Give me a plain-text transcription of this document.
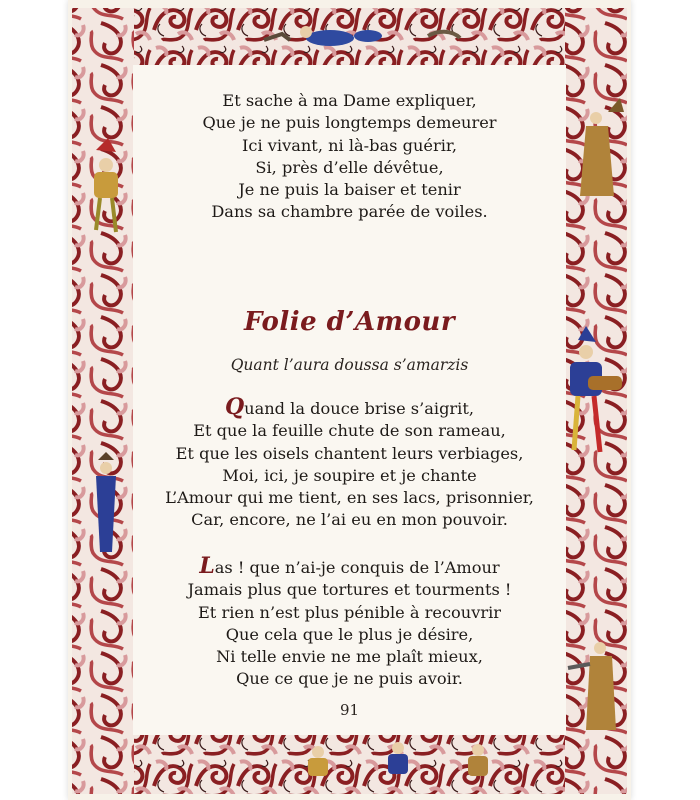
Et sache à ma Dame expliquer,
Que je ne puis longtemps demeurer
Ici vivant, ni là-bas guérir,
Si, près d’elle dévêtue,
Je ne puis la baiser et tenir
Dans sa chambre parée de voiles.
Folie d’Amour
Quant l’aura doussa s’amarzis
Quand la douce brise s’aigrit,
Et que la feuille chute de son rameau,
Et que les oisels chantent leurs verbiages,
Moi, ici, je soupire et je chante
L’Amour qui me tient, en ses lacs, prisonnier,
Car, encore, ne l’ai eu en mon pouvoir.
Las ! que n’ai-je conquis de l’Amour
Jamais plus que tortures et tourments !
Et rien n’est plus pénible à recouvrir
Que cela que le plus je désire,
Ni telle envie ne me plaît mieux,
Que ce que je ne puis avoir.
91
